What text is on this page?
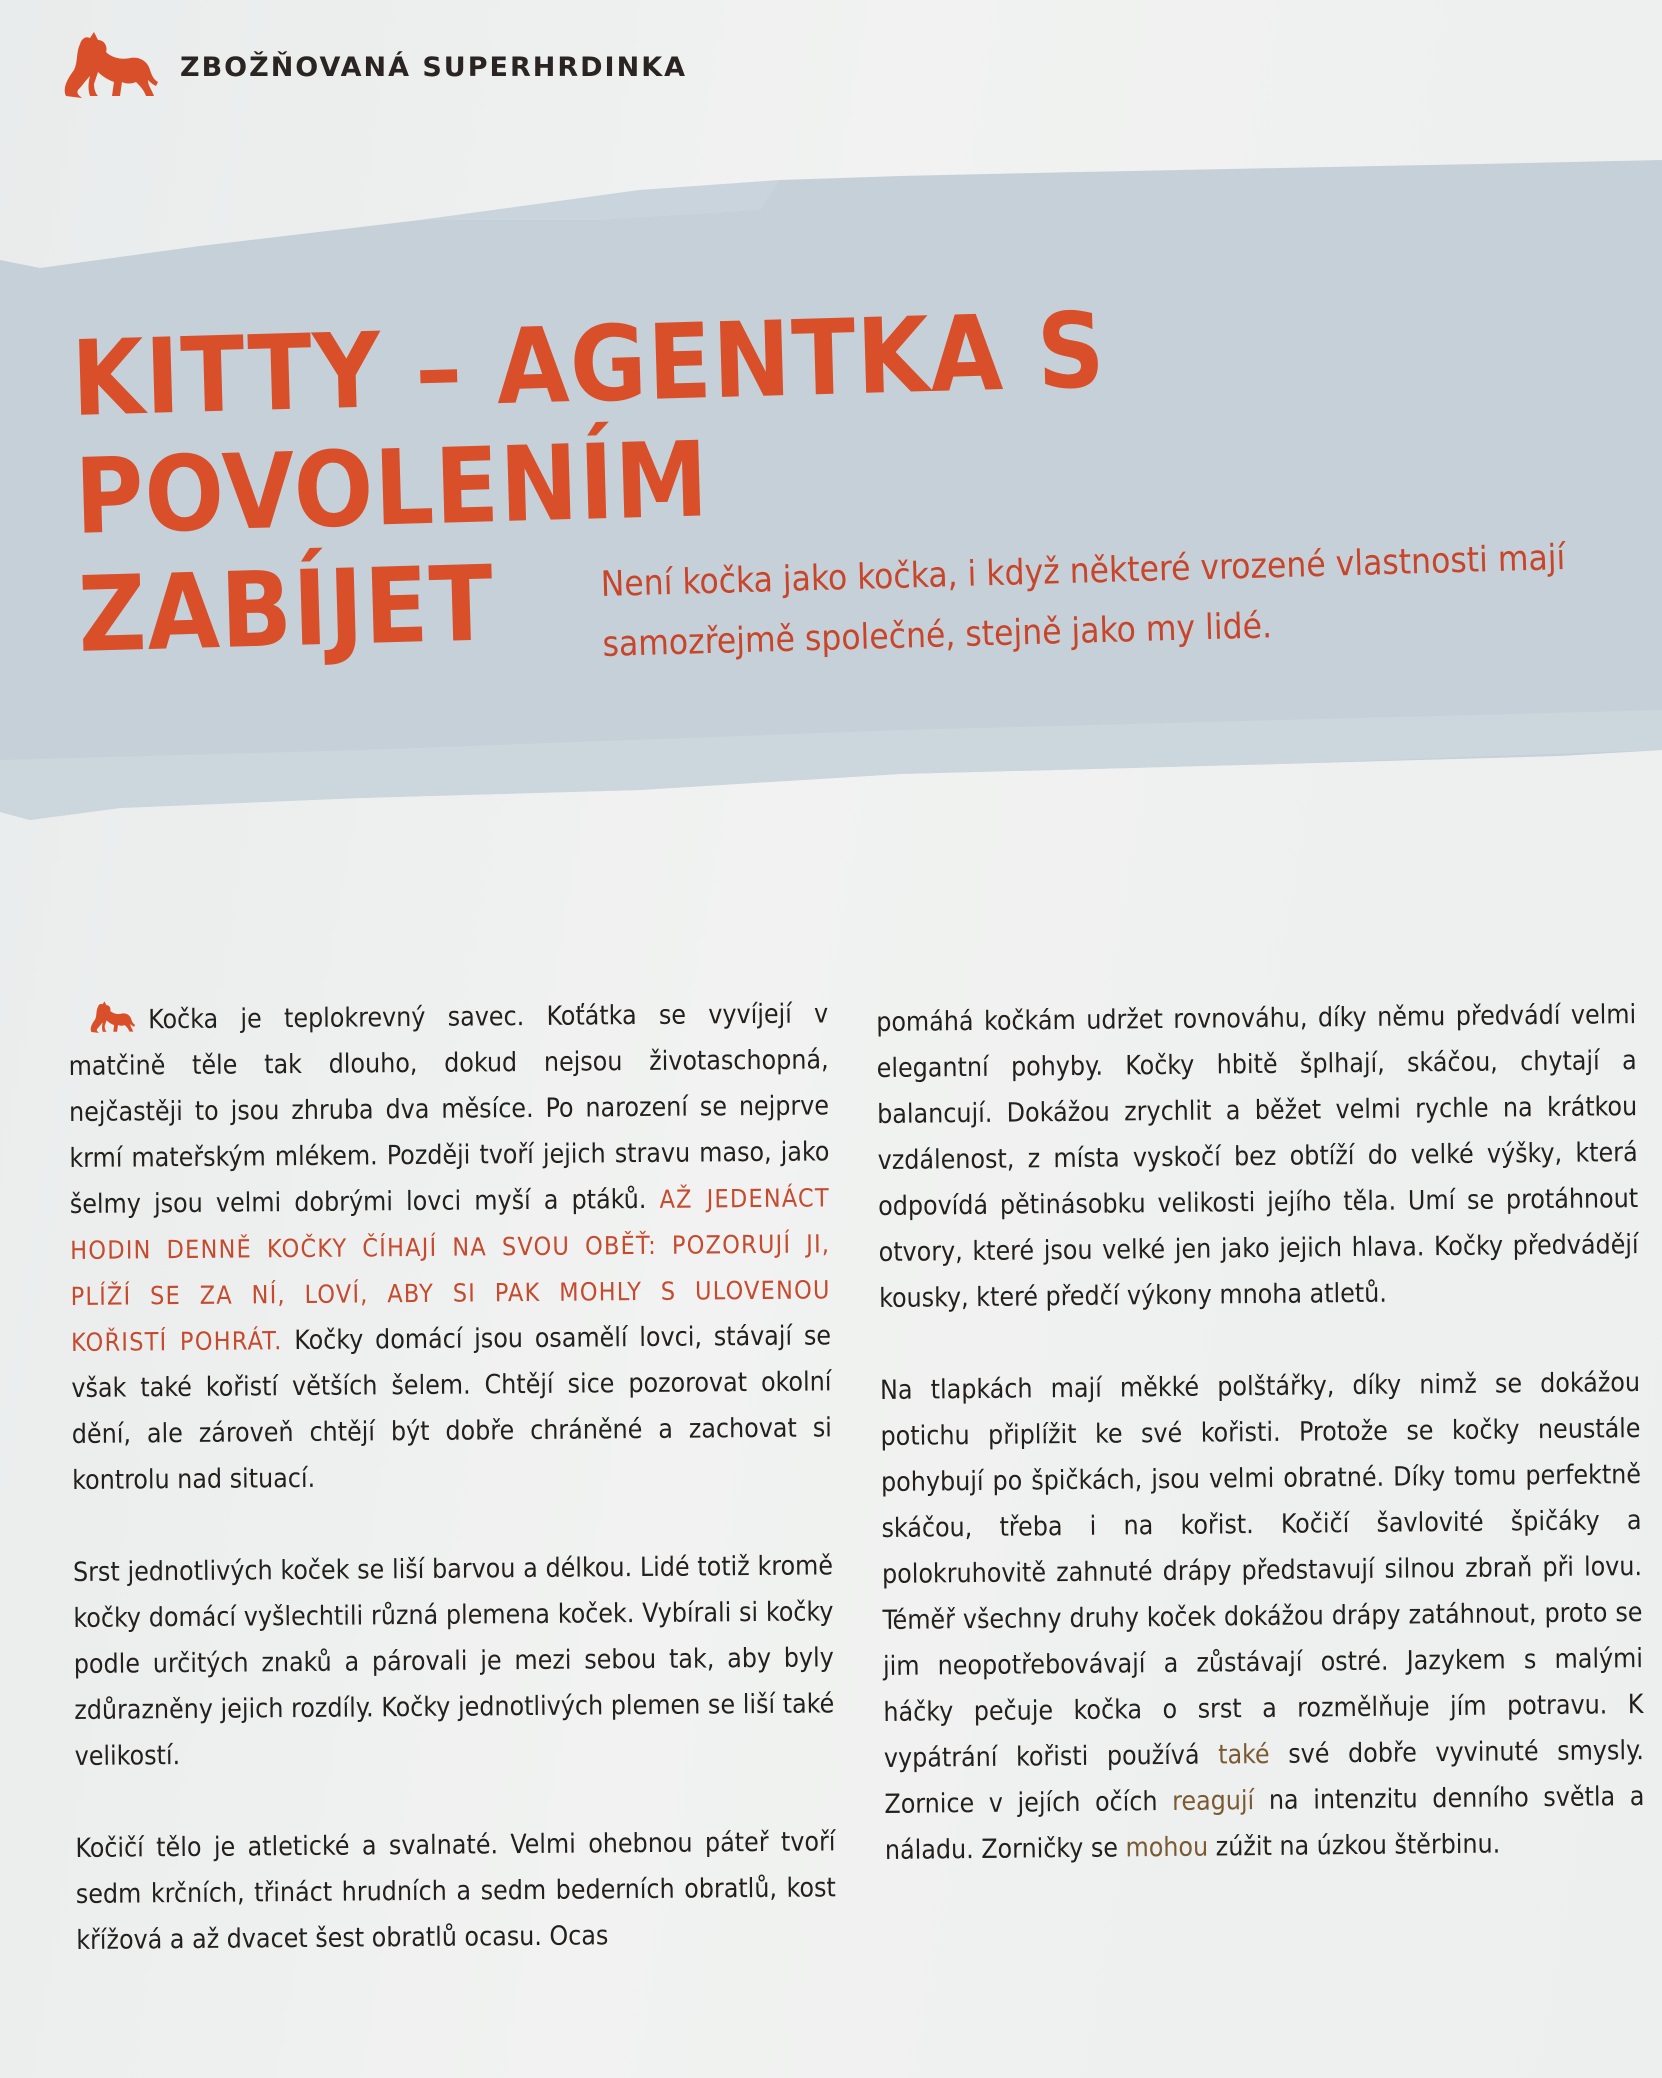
ZBOŽŇOVANÁ SUPERHRDINKA
KITTY – AGENTKA S POVOLENÍM
ZABÍJET	Není kočka jako kočka, i když některé vrozené vlastnosti mají samozřejmě společné, stejně jako my lidé.

Kočka je teplokrevný savec. Koťátka se vyvíjejí v matčině těle tak dlouho, dokud nejsou životaschopná, nejčastěji to jsou zhruba dva měsíce. Po narození se nejprve krmí mateřským mlékem. Později tvoří jejich stravu maso, jako šelmy jsou velmi dobrými lovci myší a ptáků. AŽ JEDENÁCT HODIN DENNĚ KOČKY ČÍHAJÍ NA SVOU OBĚŤ: POZORUJÍ JI, PLÍŽÍ SE ZA NÍ, LOVÍ, ABY SI PAK MOHLY S ULOVENOU KOŘISTÍ POHRÁT. Kočky domácí jsou osamělí lovci, stávají se však také kořistí větších šelem. Chtějí sice pozorovat okolní dění, ale zároveň chtějí být dobře chráněné a zachovat si kontrolu nad situací.

Srst jednotlivých koček se liší barvou a délkou. Lidé totiž kromě kočky domácí vyšlechtili různá plemena koček. Vybírali si kočky podle určitých znaků a párovali je mezi sebou tak, aby byly zdůrazněny jejich rozdíly. Kočky jednotlivých plemen se liší také velikostí.

Kočičí tělo je atletické a svalnaté. Velmi ohebnou páteř tvoří sedm krčních, třináct hrudních a sedm bederních obratlů, kost křížová a až dvacet šest obratlů ocasu. Ocas

pomáhá kočkám udržet rovnováhu, díky němu předvádí velmi elegantní pohyby. Kočky hbitě šplhají, skáčou, chytají a balancují. Dokážou zrychlit a běžet velmi rychle na krátkou vzdálenost, z místa vyskočí bez obtíží do velké výšky, která odpovídá pětinásobku velikosti jejího těla. Umí se protáhnout otvory, které jsou velké jen jako jejich hlava. Kočky předvádějí kousky, které předčí výkony mnoha atletů.

Na tlapkách mají měkké polštářky, díky nimž se dokážou potichu připlížit ke své kořisti. Protože se kočky neustále pohybují po špičkách, jsou velmi obratné. Díky tomu perfektně skáčou, třeba i na kořist. Kočičí šavlovité špičáky a polokruhovitě zahnuté drápy představují silnou zbraň při lovu. Téměř všechny druhy koček dokážou drápy zatáhnout, proto se jim neopotřebovávají a zůstávají ostré. Jazykem s malými háčky pečuje kočka o srst a rozmělňuje jím potravu. K vypátrání kořisti používá také své dobře vyvinuté smysly. Zornice v jejích očích reagují na intenzitu denního světla a náladu. Zorničky se mohou zúžit na úzkou štěrbinu.
